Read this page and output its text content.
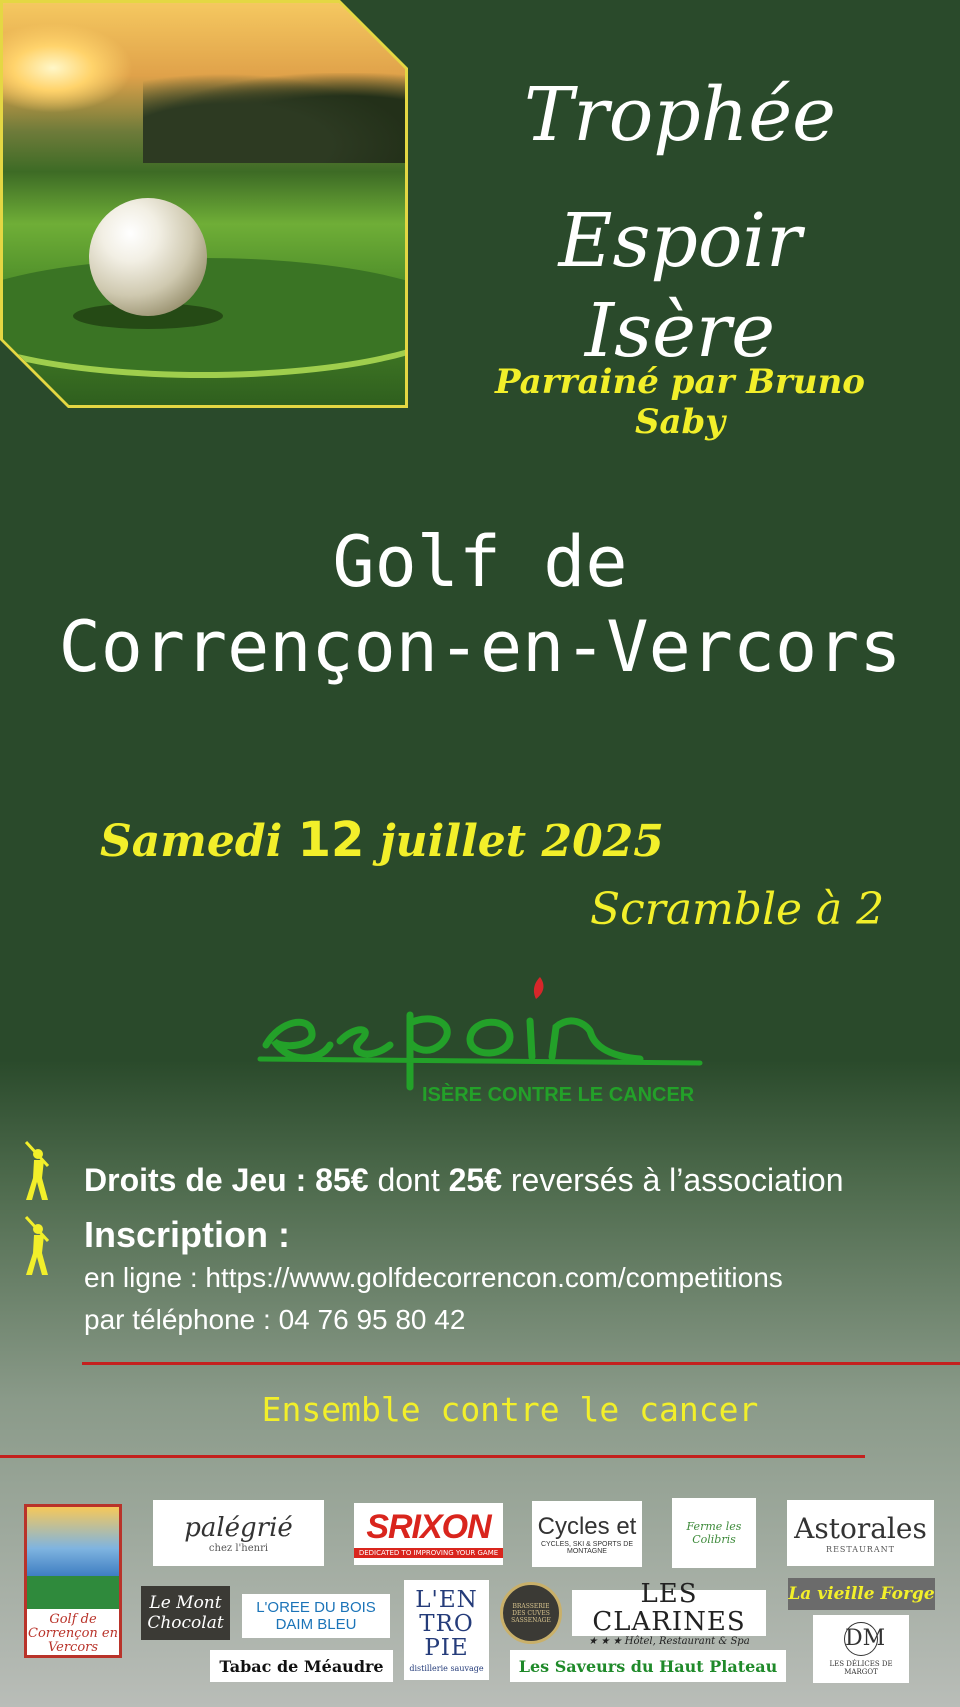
Trophée
Espoir Isère
Parrainé par Bruno Saby
Golf de
Corrençon-en-Vercors
Samedi 12 juillet 2025
Scramble à 2
espoir
ISÈRE CONTRE LE CANCER
Droits de Jeu : 85€ dont 25€ reversés à l’association
Inscription :
en ligne : https://www.golfdecorrencon.com/competitions
par téléphone : 04 76 95 80 42
Ensemble contre le cancer
Golf de Corrençon en Vercors
palégrié
chez l'henri
SRIXON
DEDICATED TO IMPROVING YOUR GAME
Cycles et
CYCLES, SKI & SPORTS DE MONTAGNE
Ferme les Colibris	Astorales
RESTAURANT
Le Mont Chocolat
L'OREE DU BOIS DAIM BLEU
L'EN
TRO
PIE
distillerie sauvage
BRASSERIE DES CUVES SASSENAGE
LES CLARINES
★ ★ ★ Hôtel, Restaurant & Spa
La vieille Forge
DM
LES DÉLICES DE MARGOT
Tabac de Méaudre	Les Saveurs du Haut Plateau
